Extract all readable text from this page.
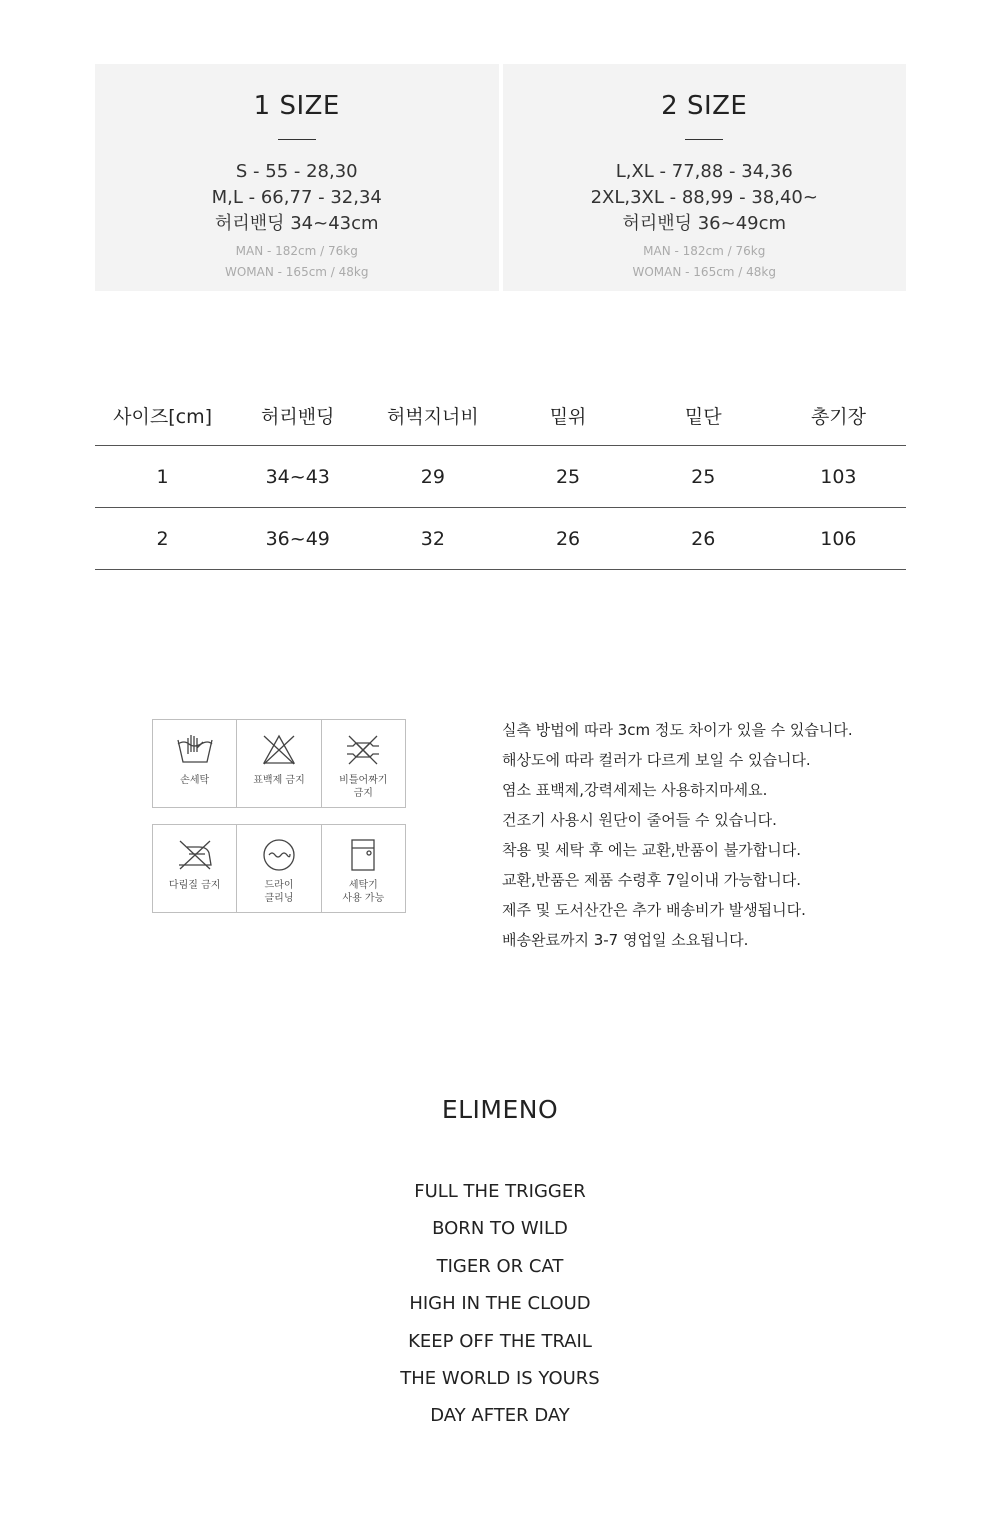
1 SIZE
S - 55 - 28,30
M,L - 66,77 - 32,34
허리밴딩 34~43cm
MAN - 182cm / 76kg
WOMAN - 165cm / 48kg
2 SIZE
L,XL - 77,88 - 34,36
2XL,3XL - 88,99 - 38,40~
허리밴딩 36~49cm
MAN - 182cm / 76kg
WOMAN - 165cm / 48kg
사이즈[cm]	허리밴딩	허벅지너비	밑위	밑단	총기장
1	34~43	29	25	25	103
2	36~49	32	26	26	106
손세탁	표백제 금지	비틀어짜기
금지
다림질 금지	드라이
클리닝
세탁기
사용 가능
실측 방법에 따라 3cm 정도 차이가 있을 수 있습니다.
해상도에 따라 컬러가 다르게 보일 수 있습니다.
염소 표백제,강력세제는 사용하지마세요.
건조기 사용시 원단이 줄어들 수 있습니다.
착용 및 세탁 후 에는 교환,반품이 불가합니다.
교환,반품은 제품 수령후 7일이내 가능합니다.
제주 및 도서산간은 추가 배송비가 발생됩니다.
배송완료까지 3-7 영업일 소요됩니다.
ELIMENO
FULL THE TRIGGER
BORN TO WILD
TIGER OR CAT
HIGH IN THE CLOUD
KEEP OFF THE TRAIL
THE WORLD IS YOURS
DAY AFTER DAY
